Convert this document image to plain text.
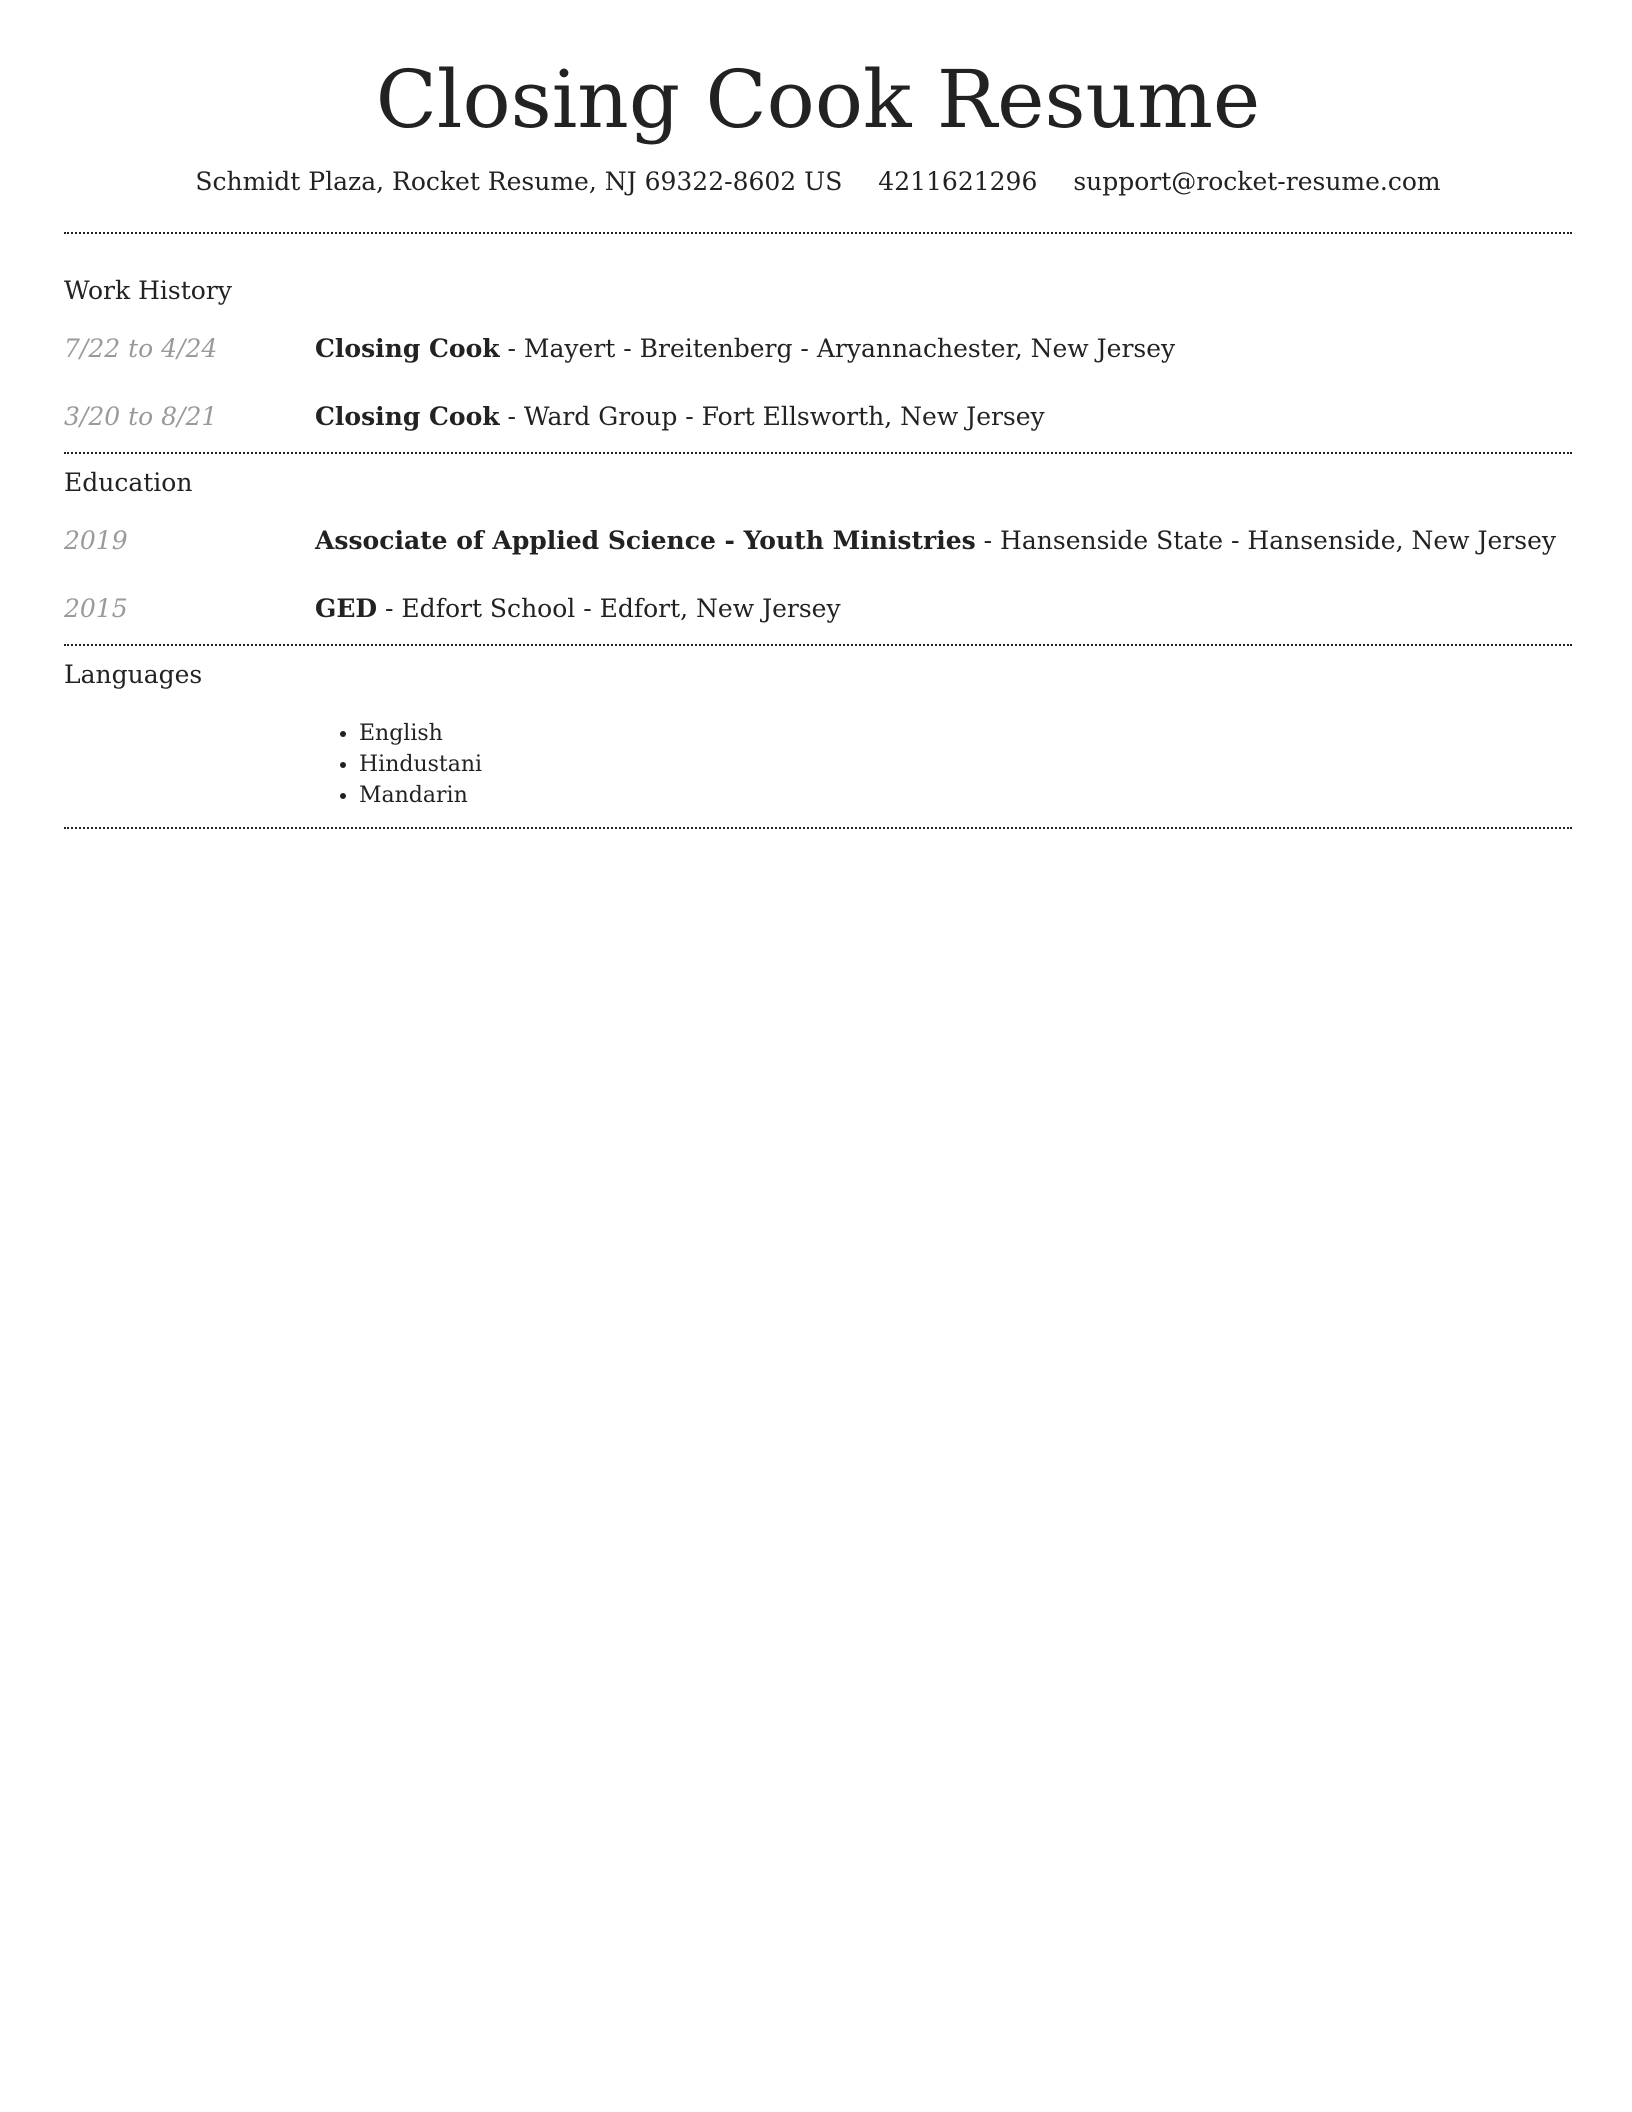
Closing Cook Resume
Schmidt Plaza, Rocket Resume, NJ 69322-8602 US 4211621296 support@rocket-resume.com
Work History
7/22 to 4/24	Closing Cook - Mayert - Breitenberg - Aryannachester, New Jersey
3/20 to 8/21	Closing Cook - Ward Group - Fort Ellsworth, New Jersey
Education
2019	Associate of Applied Science - Youth Ministries - Hansenside State - Hansenside, New Jersey
2015	GED - Edfort School - Edfort, New Jersey
Languages
• English
• Hindustani
• Mandarin
